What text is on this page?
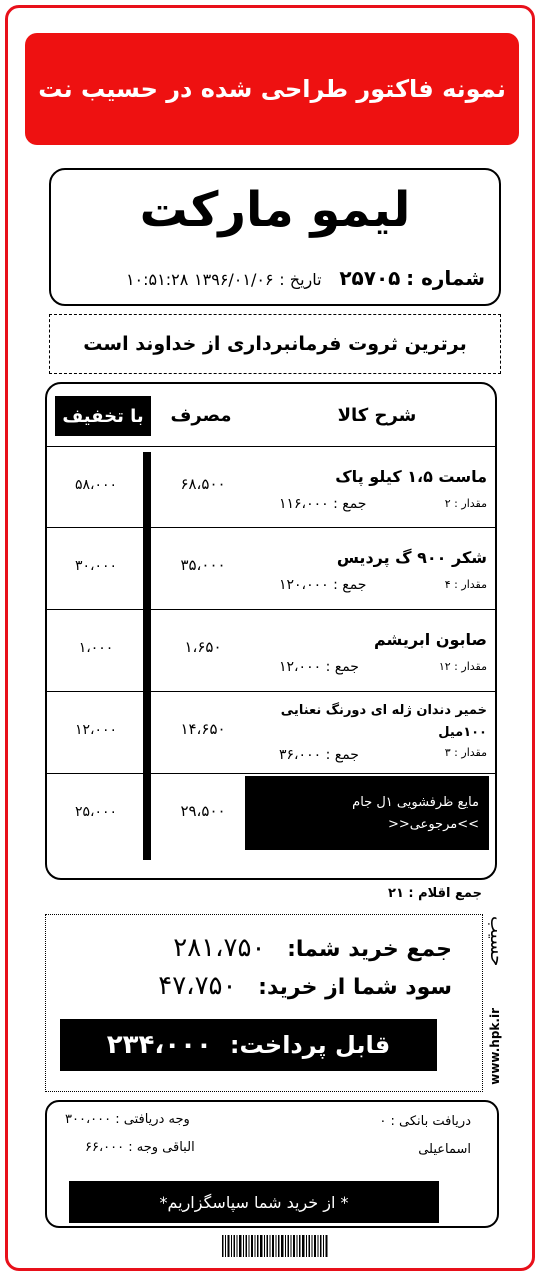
نمونه فاکتور طراحی شده در حسیب نت
لیمو مارکت
شماره : ۲۵۷۰۵ تاریخ : ۱۳۹۶/۰۱/۰۶ ۱۰:۵۱:۲۸
برترین ثروت فرمانبرداری از خداوند است
با تخفیف	مصرف	شرح کالا
۵۸،۰۰۰	۶۸،۵۰۰	ماست ۱،۵ کیلو پاک
مقدار : ۲
جمع : ۱۱۶،۰۰۰
۳۰،۰۰۰	۳۵،۰۰۰	شکر ۹۰۰ گ پردیس
مقدار : ۴
جمع : ۱۲۰،۰۰۰
۱،۰۰۰	۱،۶۵۰	صابون ابریشم
مقدار : ۱۲
جمع : ۱۲،۰۰۰
۱۲،۰۰۰	۱۴،۶۵۰
خمیر دندان ژله ای دورنگ نعنایی ۱۰۰میل
مقدار : ۳
جمع : ۳۶،۰۰۰
۲۵،۰۰۰	۲۹،۵۰۰	مایع ظرفشویی ۱ل جام
>>مرجوعی<<
جمع اقلام : ۲۱
جمع خرید شما: ۲۸۱،۷۵۰
سود شما از خرید: ۴۷،۷۵۰
قابل پرداخت:
۲۳۴،۰۰۰
حسیب
www.hpk.ir
دریافت بانکی : ۰
اسماعیلی
وجه دریافتی : ۳۰۰،۰۰۰
الباقی وجه : ۶۶،۰۰۰
* از خرید شما سپاسگزاریم*
